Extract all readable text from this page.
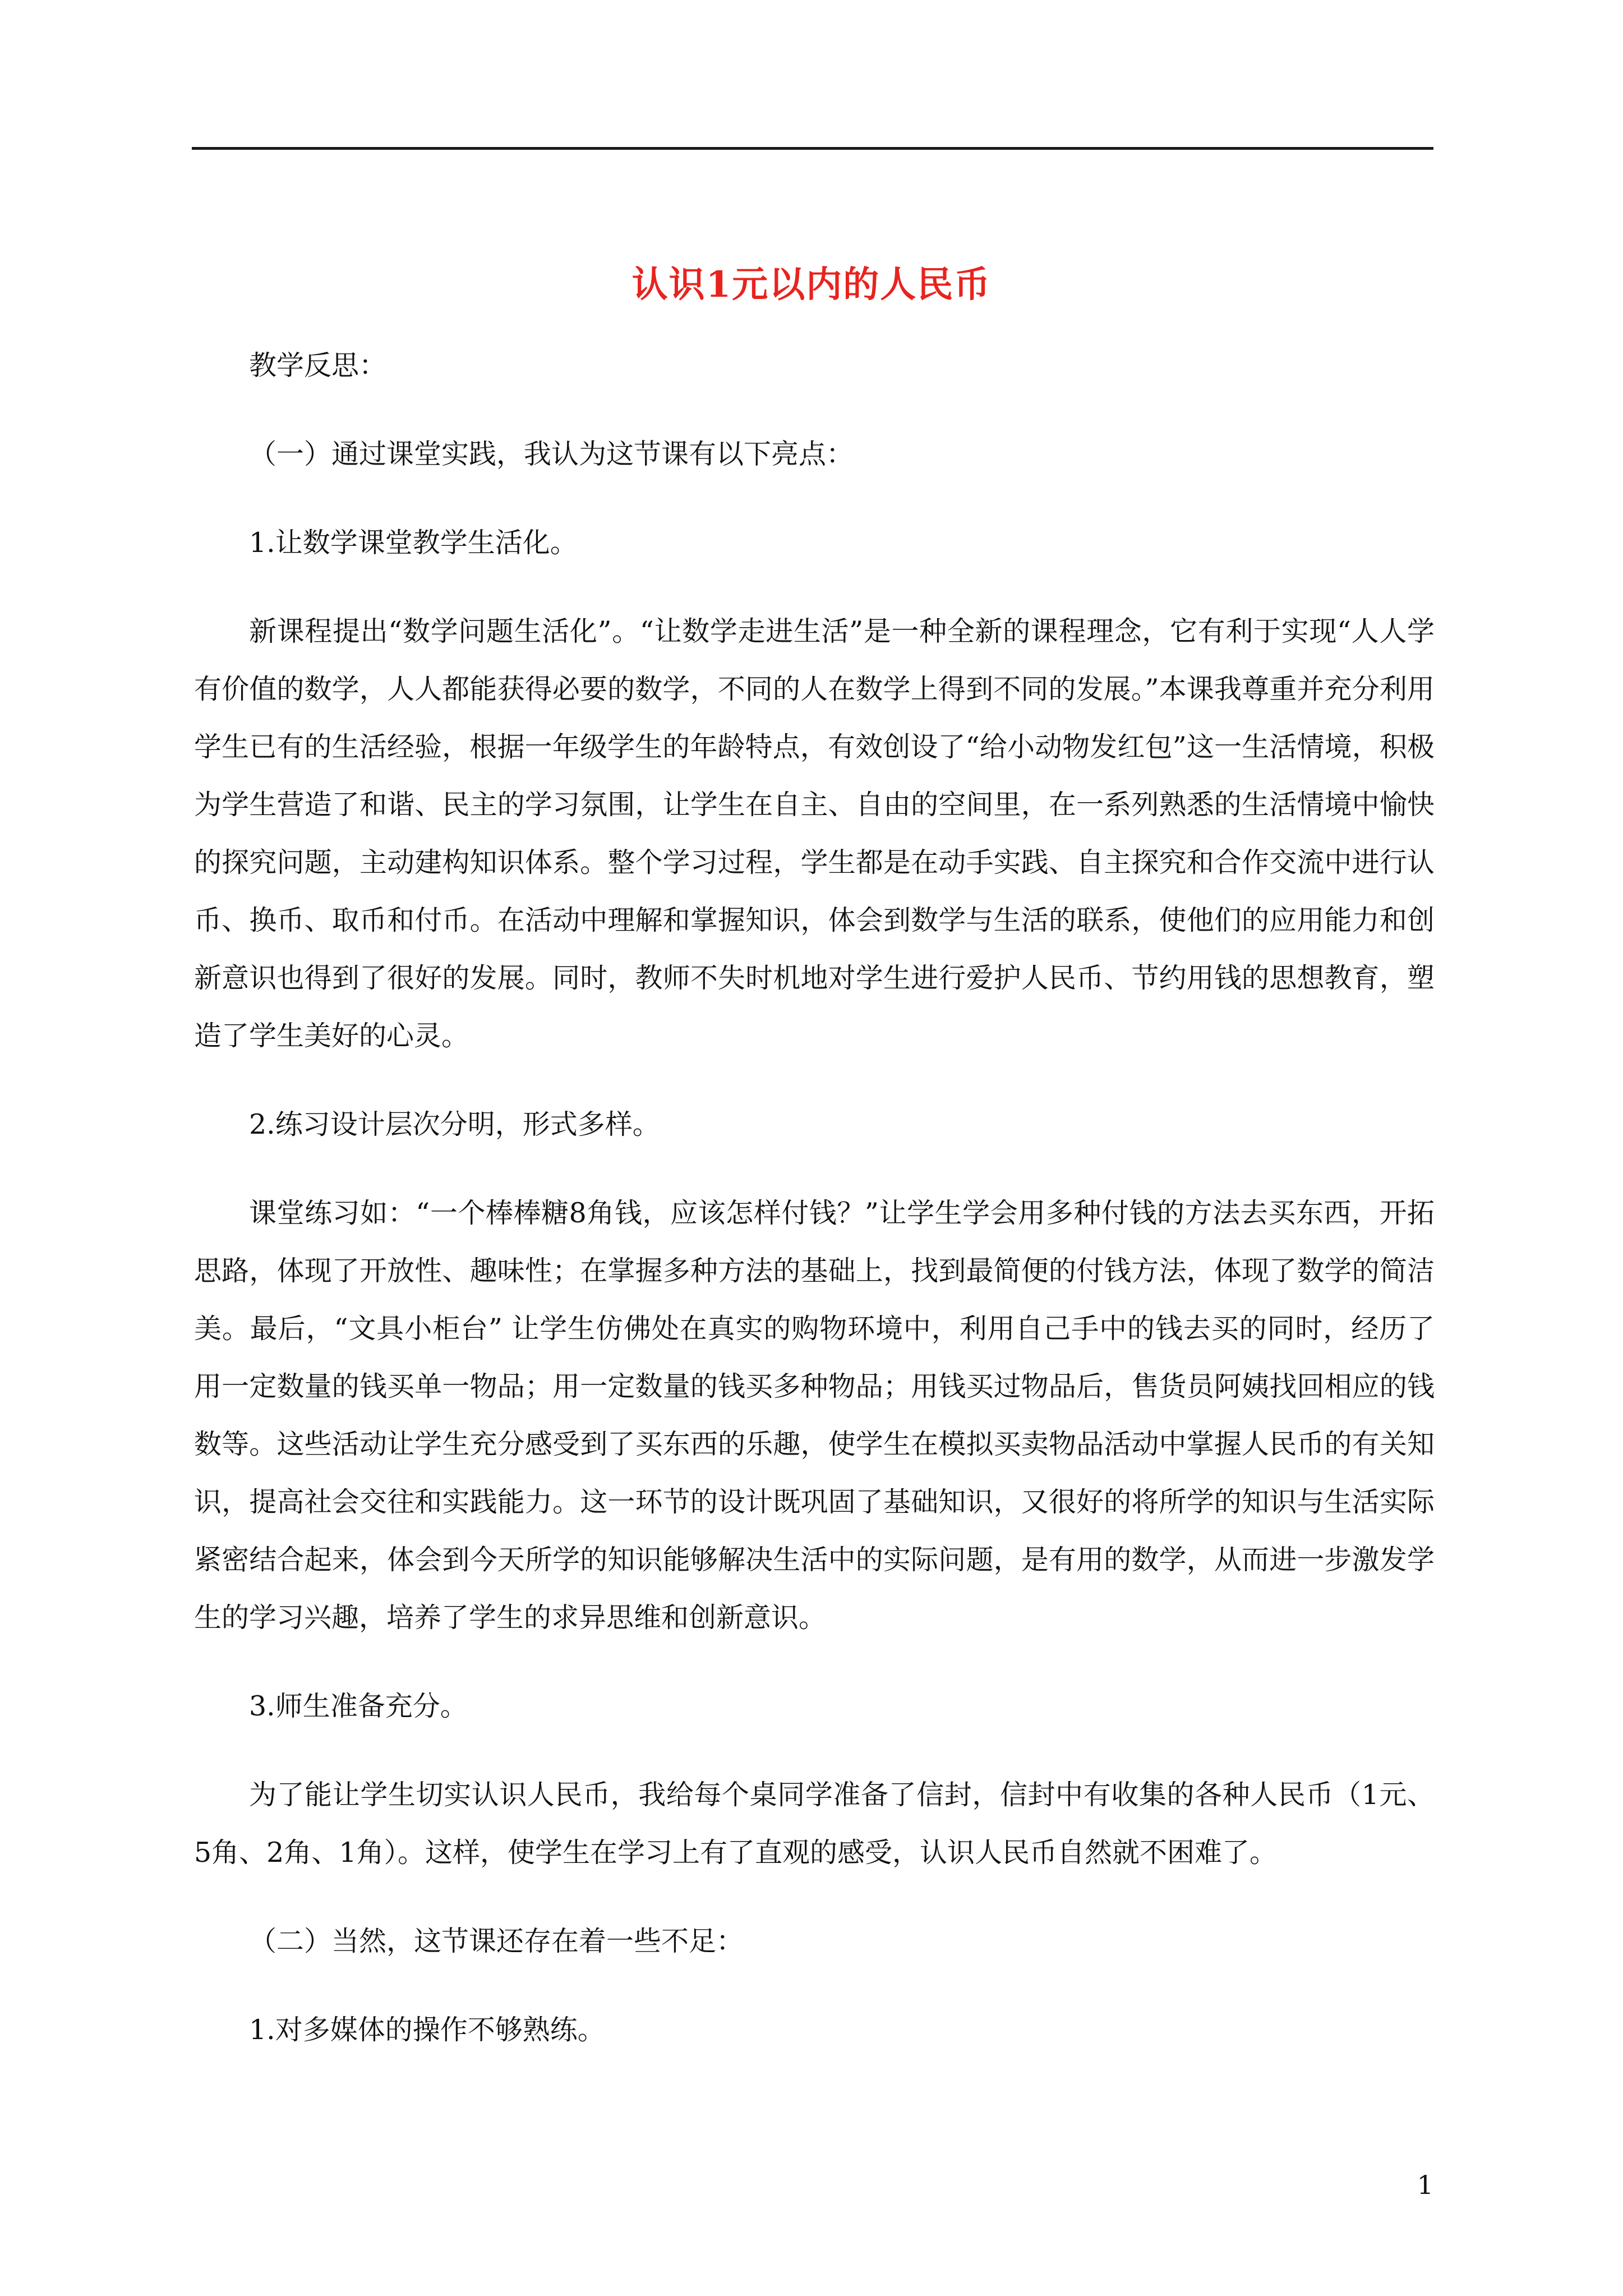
认识1元以内的人民币

教学反思：

（一）通过课堂实践，我认为这节课有以下亮点：

1.让数学课堂教学生活化。

新课程提出“数学问题生活化”。“让数学走进生活”是一种全新的课程理念，它有利于实现“人人学有价值的数学，人人都能获得必要的数学，不同的人在数学上得到不同的发展。”本课我尊重并充分利用学生已有的生活经验，根据一年级学生的年龄特点，有效创设了“给小动物发红包”这一生活情境，积极为学生营造了和谐、民主的学习氛围，让学生在自主、自由的空间里，在一系列熟悉的生活情境中愉快的探究问题，主动建构知识体系。整个学习过程，学生都是在动手实践、自主探究和合作交流中进行认币、换币、取币和付币。在活动中理解和掌握知识，体会到数学与生活的联系，使他们的应用能力和创新意识也得到了很好的发展。同时，教师不失时机地对学生进行爱护人民币、节约用钱的思想教育，塑造了学生美好的心灵。

2.练习设计层次分明，形式多样。

课堂练习如：“一个棒棒糖8角钱，应该怎样付钱？”让学生学会用多种付钱的方法去买东西，开拓思路，体现了开放性、趣味性；在掌握多种方法的基础上，找到最简便的付钱方法，体现了数学的简洁美。最后，“文具小柜台” 让学生仿佛处在真实的购物环境中，利用自己手中的钱去买的同时，经历了用一定数量的钱买单一物品；用一定数量的钱买多种物品；用钱买过物品后，售货员阿姨找回相应的钱数等。这些活动让学生充分感受到了买东西的乐趣，使学生在模拟买卖物品活动中掌握人民币的有关知识，提高社会交往和实践能力。这一环节的设计既巩固了基础知识，又很好的将所学的知识与生活实际紧密结合起来，体会到今天所学的知识能够解决生活中的实际问题，是有用的数学，从而进一步激发学生的学习兴趣，培养了学生的求异思维和创新意识。

3.师生准备充分。

为了能让学生切实认识人民币，我给每个桌同学准备了信封，信封中有收集的各种人民币（1元、5角、2角、1角）。这样，使学生在学习上有了直观的感受，认识人民币自然就不困难了。

（二）当然，这节课还存在着一些不足：

1.对多媒体的操作不够熟练。

1
